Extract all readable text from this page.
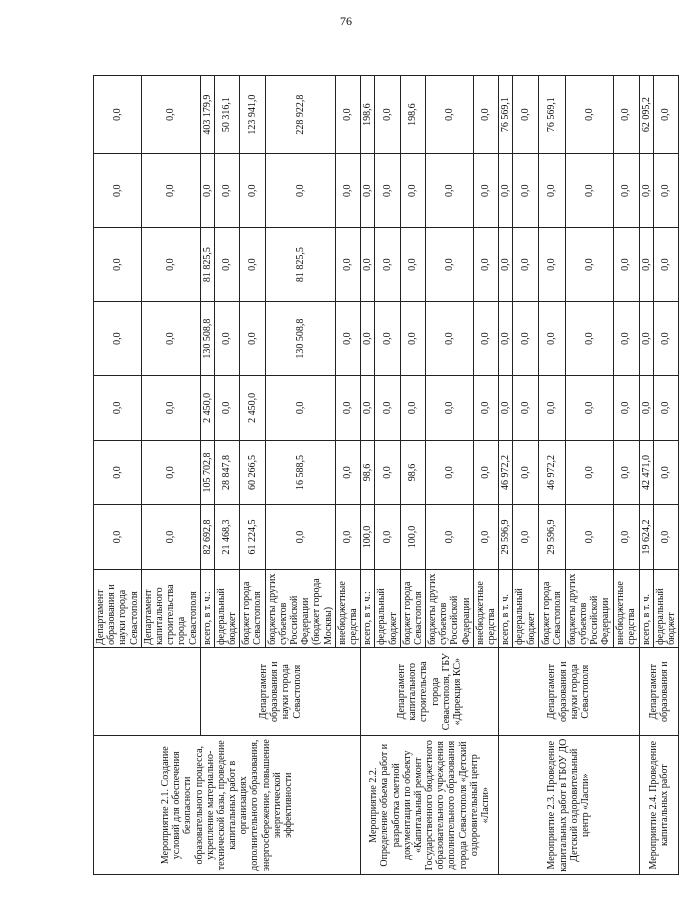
76
Мероприятие 2.1. Создание условий для обеспечения безопасности образовательного процесса, укрепление материально-технической базы, проведение капитальных работ в организациях дополнительного образования, энергосбережение, повышение энергетической эффективности		Департамент образования и науки города Севастополя	0,0	0,0	0,0	0,0	0,0	0,0	0,0
		Департамент капитального строительства города Севастополя	0,0	0,0	0,0	0,0	0,0	0,0	0,0
	Департамент образования и науки города Севастополя	всего, в т. ч.:	82 692,8	105 702,8	2 450,0	130 508,8	81 825,5	0,0	403 179,9
		федеральный бюджет	21 468,3	28 847,8	0,0	0,0	0,0	0,0	50 316,1
		бюджет города Севастополя	61 224,5	60 266,5	2 450,0	0,0	0,0	0,0	123 941,0
		бюджеты других субъектов Российской Федерации (бюджет города Москвы)	0,0	16 588,5	0,0	130 508,8	81 825,5	0,0	228 922,8
		внебюджетные средства	0,0	0,0	0,0	0,0	0,0	0,0	0,0
Мероприятие 2.2. Определение объема работ и разработка сметной документации по объекту «Капитальный ремонт Государственного бюджетного образовательного учреждения дополнительного образования города Севастополя «Детский оздоровительный центр «Ласпи»	Департамент капитального строительства города Севастополя, ГБУ «Дирекция КС»	всего, в т. ч.:	100,0	98,6	0,0	0,0	0,0	0,0	198,6
		федеральный бюджет	0,0	0,0	0,0	0,0	0,0	0,0	0,0
		бюджет города Севастополя	100,0	98,6	0,0	0,0	0,0	0,0	198,6
		бюджеты других субъектов Российской Федерации	0,0	0,0	0,0	0,0	0,0	0,0	0,0
		внебюджетные средства	0,0	0,0	0,0	0,0	0,0	0,0	0,0
Мероприятие 2.3. Проведение капитальных работ в ГБОУ ДО Детский оздоровительный центр «Ласпи»	Департамент образования и науки города Севастополя	всего, в т. ч.	29 596,9	46 972,2	0,0	0,0	0,0	0,0	76 569,1
		федеральный бюджет	0,0	0,0	0,0	0,0	0,0	0,0	0,0
		бюджет города Севастополя	29 596,9	46 972,2	0,0	0,0	0,0	0,0	76 569,1
		бюджеты других субъектов Российской Федерации	0,0	0,0	0,0	0,0	0,0	0,0	0,0
		внебюджетные средства	0,0	0,0	0,0	0,0	0,0	0,0	0,0
Мероприятие 2.4. Проведение капитальных работ	Департамент образования и	всего, в т. ч.	19 624,2	42 471,0	0,0	0,0	0,0	0,0	62 095,2
		федеральный бюджет	0,0	0,0	0,0	0,0	0,0	0,0	0,0
